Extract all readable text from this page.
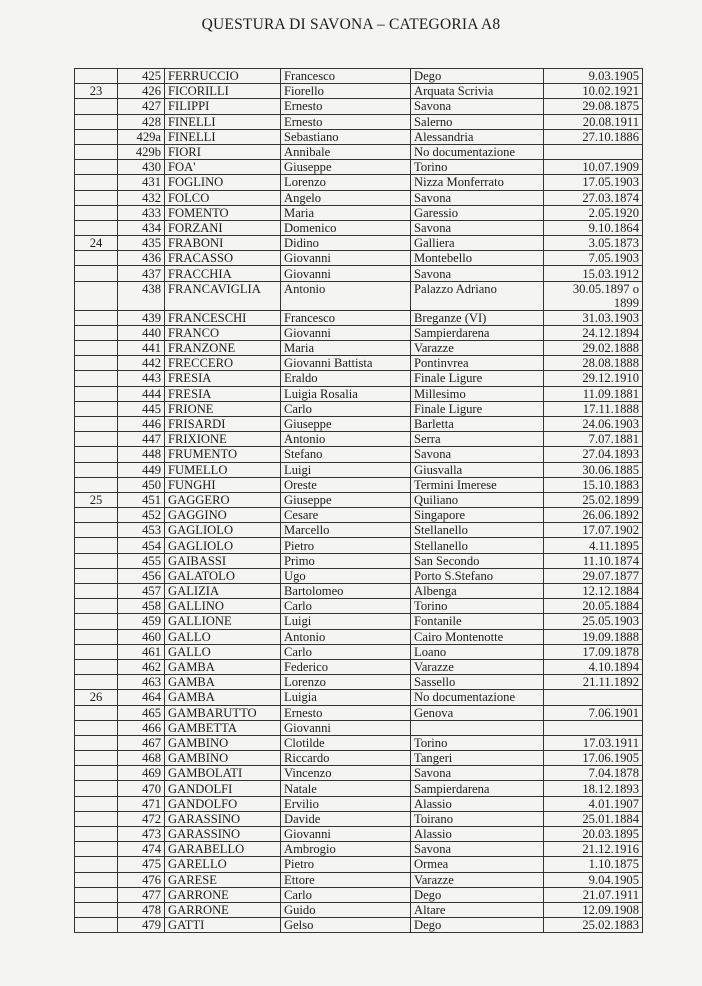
QUESTURA DI SAVONA – CATEGORIA A8
	425	FERRUCCIO	Francesco	Dego	9.03.1905
23	426	FICORILLI	Fiorello	Arquata Scrivia	10.02.1921
	427	FILIPPI	Ernesto	Savona	29.08.1875
	428	FINELLI	Ernesto	Salerno	20.08.1911
	429a	FINELLI	Sebastiano	Alessandria	27.10.1886
	429b	FIORI	Annibale	No documentazione	
	430	FOA'	Giuseppe	Torino	10.07.1909
	431	FOGLINO	Lorenzo	Nizza Monferrato	17.05.1903
	432	FOLCO	Angelo	Savona	27.03.1874
	433	FOMENTO	Maria	Garessio	2.05.1920
	434	FORZANI	Domenico	Savona	9.10.1864
24	435	FRABONI	Didino	Galliera	3.05.1873
	436	FRACASSO	Giovanni	Montebello	7.05.1903
	437	FRACCHIA	Giovanni	Savona	15.03.1912
	438	FRANCAVIGLIA	Antonio	Palazzo Adriano	30.05.1897 o 1899
	439	FRANCESCHI	Francesco	Breganze (VI)	31.03.1903
	440	FRANCO	Giovanni	Sampierdarena	24.12.1894
	441	FRANZONE	Maria	Varazze	29.02.1888
	442	FRECCERO	Giovanni Battista	Pontinvrea	28.08.1888
	443	FRESIA	Eraldo	Finale Ligure	29.12.1910
	444	FRESIA	Luigia Rosalia	Millesimo	11.09.1881
	445	FRIONE	Carlo	Finale Ligure	17.11.1888
	446	FRISARDI	Giuseppe	Barletta	24.06.1903
	447	FRIXIONE	Antonio	Serra	7.07.1881
	448	FRUMENTO	Stefano	Savona	27.04.1893
	449	FUMELLO	Luigi	Giusvalla	30.06.1885
	450	FUNGHI	Oreste	Termini Imerese	15.10.1883
25	451	GAGGERO	Giuseppe	Quiliano	25.02.1899
	452	GAGGINO	Cesare	Singapore	26.06.1892
	453	GAGLIOLO	Marcello	Stellanello	17.07.1902
	454	GAGLIOLO	Pietro	Stellanello	4.11.1895
	455	GAIBASSI	Primo	San Secondo	11.10.1874
	456	GALATOLO	Ugo	Porto S.Stefano	29.07.1877
	457	GALIZIA	Bartolomeo	Albenga	12.12.1884
	458	GALLINO	Carlo	Torino	20.05.1884
	459	GALLIONE	Luigi	Fontanile	25.05.1903
	460	GALLO	Antonio	Cairo Montenotte	19.09.1888
	461	GALLO	Carlo	Loano	17.09.1878
	462	GAMBA	Federico	Varazze	4.10.1894
	463	GAMBA	Lorenzo	Sassello	21.11.1892
26	464	GAMBA	Luigia	No documentazione	
	465	GAMBARUTTO	Ernesto	Genova	7.06.1901
	466	GAMBETTA	Giovanni		
	467	GAMBINO	Clotilde	Torino	17.03.1911
	468	GAMBINO	Riccardo	Tangeri	17.06.1905
	469	GAMBOLATI	Vincenzo	Savona	7.04.1878
	470	GANDOLFI	Natale	Sampierdarena	18.12.1893
	471	GANDOLFO	Ervilio	Alassio	4.01.1907
	472	GARASSINO	Davide	Toirano	25.01.1884
	473	GARASSINO	Giovanni	Alassio	20.03.1895
	474	GARABELLO	Ambrogio	Savona	21.12.1916
	475	GARELLO	Pietro	Ormea	1.10.1875
	476	GARESE	Ettore	Varazze	9.04.1905
	477	GARRONE	Carlo	Dego	21.07.1911
	478	GARRONE	Guido	Altare	12.09.1908
	479	GATTI	Gelso	Dego	25.02.1883
